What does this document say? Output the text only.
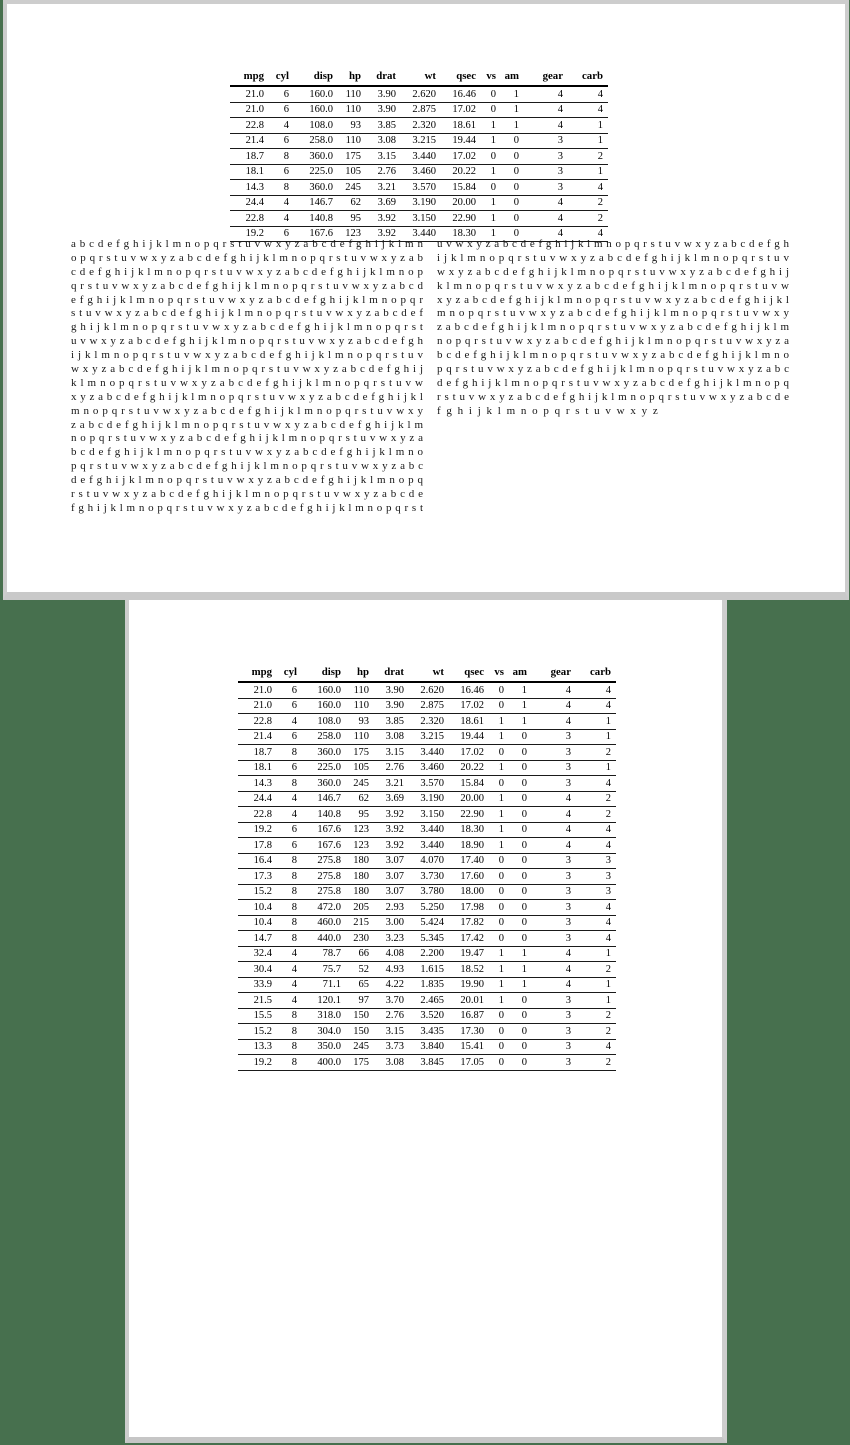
mpg	cyl	disp	hp	drat	wt	qsec	vs	am	gear	carb
21.0	6	160.0	110	3.90	2.620	16.46	0	1	4	4
21.0	6	160.0	110	3.90	2.875	17.02	0	1	4	4
22.8	4	108.0	93	3.85	2.320	18.61	1	1	4	1
21.4	6	258.0	110	3.08	3.215	19.44	1	0	3	1
18.7	8	360.0	175	3.15	3.440	17.02	0	0	3	2
18.1	6	225.0	105	2.76	3.460	20.22	1	0	3	1
14.3	8	360.0	245	3.21	3.570	15.84	0	0	3	4
24.4	4	146.7	62	3.69	3.190	20.00	1	0	4	2
22.8	4	140.8	95	3.92	3.150	22.90	1	0	4	2
19.2	6	167.6	123	3.92	3.440	18.30	1	0	4	4
a b c d e f g h i j k l m n o p q r s t u v w x y z a b c d e f g h i j k l m n
o p q r s t u v w x y z a b c d e f g h i j k l m n o p q r s t u v w x y z a b
c d e f g h i j k l m n o p q r s t u v w x y z a b c d e f g h i j k l m n o p
q r s t u v w x y z a b c d e f g h i j k l m n o p q r s t u v w x y z a b c d
e f g h i j k l m n o p q r s t u v w x y z a b c d e f g h i j k l m n o p q r
s t u v w x y z a b c d e f g h i j k l m n o p q r s t u v w x y z a b c d e f
g h i j k l m n o p q r s t u v w x y z a b c d e f g h i j k l m n o p q r s t
u v w x y z a b c d e f g h i j k l m n o p q r s t u v w x y z a b c d e f g h
i j k l m n o p q r s t u v w x y z a b c d e f g h i j k l m n o p q r s t u v
w x y z a b c d e f g h i j k l m n o p q r s t u v w x y z a b c d e f g h i j
k l m n o p q r s t u v w x y z a b c d e f g h i j k l m n o p q r s t u v w
x y z a b c d e f g h i j k l m n o p q r s t u v w x y z a b c d e f g h i j k l
m n o p q r s t u v w x y z a b c d e f g h i j k l m n o p q r s t u v w x y
z a b c d e f g h i j k l m n o p q r s t u v w x y z a b c d e f g h i j k l m
n o p q r s t u v w x y z a b c d e f g h i j k l m n o p q r s t u v w x y z a
b c d e f g h i j k l m n o p q r s t u v w x y z a b c d e f g h i j k l m n o
p q r s t u v w x y z a b c d e f g h i j k l m n o p q r s t u v w x y z a b c
d e f g h i j k l m n o p q r s t u v w x y z a b c d e f g h i j k l m n o p q
r s t u v w x y z a b c d e f g h i j k l m n o p q r s t u v w x y z a b c d e
f g h i j k l m n o p q r s t u v w x y z a b c d e f g h i j k l m n o p q r s t
u v w x y z a b c d e f g h i j k l m n o p q r s t u v w x y z a b c d e f g h
i j k l m n o p q r s t u v w x y z a b c d e f g h i j k l m n o p q r s t u v
w x y z a b c d e f g h i j k l m n o p q r s t u v w x y z a b c d e f g h i j
k l m n o p q r s t u v w x y z a b c d e f g h i j k l m n o p q r s t u v w
x y z a b c d e f g h i j k l m n o p q r s t u v w x y z a b c d e f g h i j k l
m n o p q r s t u v w x y z a b c d e f g h i j k l m n o p q r s t u v w x y
z a b c d e f g h i j k l m n o p q r s t u v w x y z a b c d e f g h i j k l m
n o p q r s t u v w x y z a b c d e f g h i j k l m n o p q r s t u v w x y z a
b c d e f g h i j k l m n o p q r s t u v w x y z a b c d e f g h i j k l m n o
p q r s t u v w x y z a b c d e f g h i j k l m n o p q r s t u v w x y z a b c
d e f g h i j k l m n o p q r s t u v w x y z a b c d e f g h i j k l m n o p q
r s t u v w x y z a b c d e f g h i j k l m n o p q r s t u v w x y z a b c d e
f g h i j k l m n o p q r s t u v w x y z
mpg	cyl	disp	hp	drat	wt	qsec	vs	am	gear	carb
21.0	6	160.0	110	3.90	2.620	16.46	0	1	4	4
21.0	6	160.0	110	3.90	2.875	17.02	0	1	4	4
22.8	4	108.0	93	3.85	2.320	18.61	1	1	4	1
21.4	6	258.0	110	3.08	3.215	19.44	1	0	3	1
18.7	8	360.0	175	3.15	3.440	17.02	0	0	3	2
18.1	6	225.0	105	2.76	3.460	20.22	1	0	3	1
14.3	8	360.0	245	3.21	3.570	15.84	0	0	3	4
24.4	4	146.7	62	3.69	3.190	20.00	1	0	4	2
22.8	4	140.8	95	3.92	3.150	22.90	1	0	4	2
19.2	6	167.6	123	3.92	3.440	18.30	1	0	4	4
17.8	6	167.6	123	3.92	3.440	18.90	1	0	4	4
16.4	8	275.8	180	3.07	4.070	17.40	0	0	3	3
17.3	8	275.8	180	3.07	3.730	17.60	0	0	3	3
15.2	8	275.8	180	3.07	3.780	18.00	0	0	3	3
10.4	8	472.0	205	2.93	5.250	17.98	0	0	3	4
10.4	8	460.0	215	3.00	5.424	17.82	0	0	3	4
14.7	8	440.0	230	3.23	5.345	17.42	0	0	3	4
32.4	4	78.7	66	4.08	2.200	19.47	1	1	4	1
30.4	4	75.7	52	4.93	1.615	18.52	1	1	4	2
33.9	4	71.1	65	4.22	1.835	19.90	1	1	4	1
21.5	4	120.1	97	3.70	2.465	20.01	1	0	3	1
15.5	8	318.0	150	2.76	3.520	16.87	0	0	3	2
15.2	8	304.0	150	3.15	3.435	17.30	0	0	3	2
13.3	8	350.0	245	3.73	3.840	15.41	0	0	3	4
19.2	8	400.0	175	3.08	3.845	17.05	0	0	3	2
